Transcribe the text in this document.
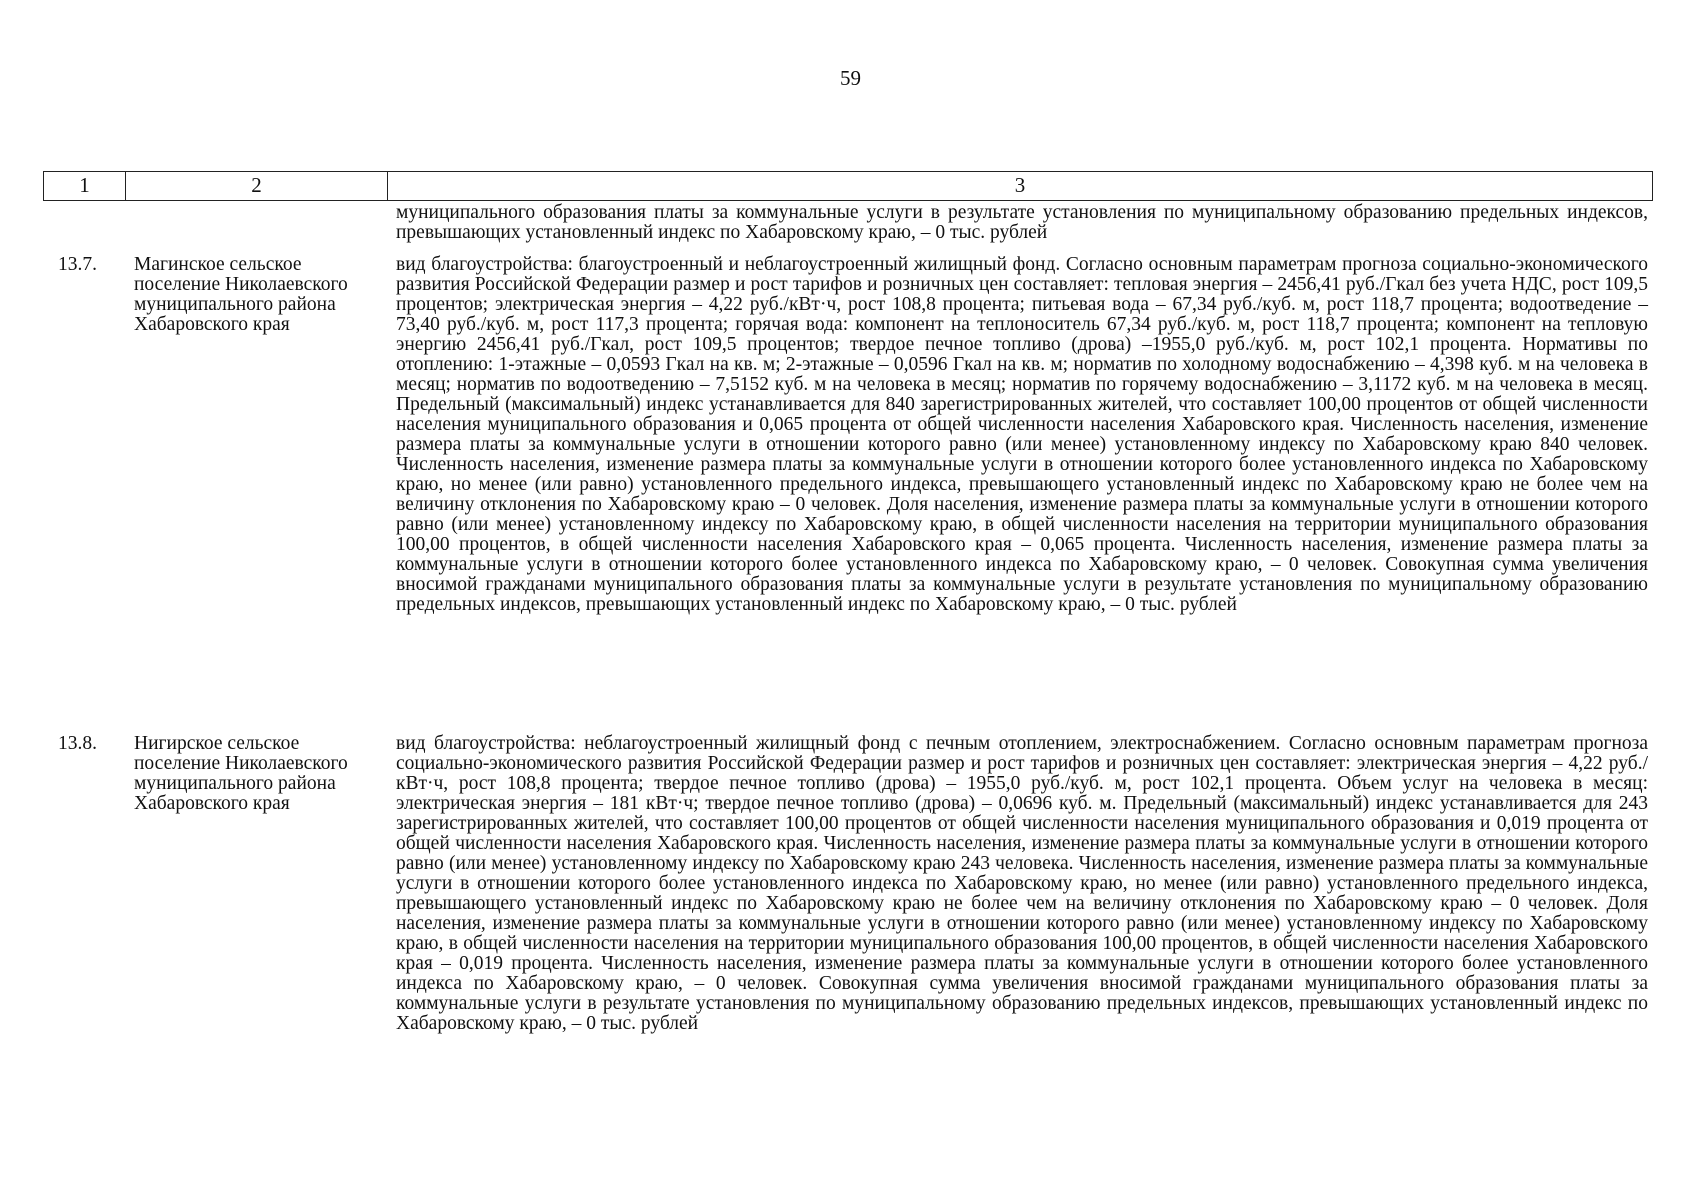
59
1	2	3

муниципального образования платы за коммунальные услуги в результате установления по муниципальному образованию предельных индексов, превышающих установленный индекс по Хабаровскому краю, – 0 тыс. рублей

13.7. Магинское сельское поселение Николаевского муниципального района Хабаровского края

вид благоустройства: благоустроенный и неблагоустроенный жилищный фонд. Согласно основным параметрам прогноза социально-экономического развития Российской Федерации размер и рост тарифов и розничных цен составляет: тепловая энергия – 2456,41 руб./Гкал без учета НДС, рост 109,5 процентов; электрическая энергия – 4,22 руб./кВт·ч, рост 108,8 процента; питьевая вода – 67,34 руб./куб. м, рост 118,7 процента; водоотведение – 73,40 руб./куб. м, рост 117,3 процента; горячая вода: компонент на теплоноситель 67,34 руб./куб. м, рост 118,7 процента; компонент на тепловую энергию 2456,41 руб./Гкал, рост 109,5 процентов; твердое печное топливо (дрова) –1955,0 руб./куб. м, рост 102,1 процента. Нормативы по отоплению: 1-этажные – 0,0593 Гкал на кв. м; 2-этажные – 0,0596 Гкал на кв. м; норматив по холодному водоснабжению – 4,398 куб. м на человека в месяц; норматив по водоотведению – 7,5152 куб. м на человека в месяц; норматив по горячему водоснабжению – 3,1172 куб. м на человека в месяц. Предельный (максимальный) индекс устанавливается для 840 зарегистрированных жителей, что составляет 100,00 процентов от общей численности населения муниципального образования и 0,065 процента от общей численности населения Хабаровского края. Численность населения, изменение размера платы за коммунальные услуги в отношении которого равно (или менее) установленному индексу по Хабаровскому краю 840 человек. Численность населения, изменение размера платы за коммунальные услуги в отношении которого более установленного индекса по Хабаровскому краю, но менее (или равно) установленного предельного индекса, превышающего установленный индекс по Хабаровскому краю не более чем на величину отклонения по Хабаровскому краю – 0 человек. Доля населения, изменение размера платы за коммунальные услуги в отношении которого равно (или менее) установленному индексу по Хабаровскому краю, в общей численности населения на территории муниципального образования 100,00 процентов, в общей численности населения Хабаровского края – 0,065 процента. Численность населения, изменение размера платы за коммунальные услуги в отношении которого более установленного индекса по Хабаровскому краю, – 0 человек. Совокупная сумма увеличения вносимой гражданами муниципального образования платы за коммунальные услуги в результате установления по муниципальному образованию предельных индексов, превышающих установленный индекс по Хабаровскому краю, – 0 тыс. рублей

13.8. Нигирское сельское поселение Николаевского муниципального района Хабаровского края

вид благоустройства: неблагоустроенный жилищный фонд с печным отоплением, электроснабжением. Согласно основным параметрам прогноза социально-экономического развития Российской Федерации размер и рост тарифов и розничных цен составляет: электрическая энергия – 4,22 руб./кВт·ч, рост 108,8 процента; твердое печное топливо (дрова) – 1955,0 руб./куб. м, рост 102,1 процента. Объем услуг на человека в месяц: электрическая энергия – 181 кВт·ч; твердое печное топливо (дрова) – 0,0696 куб. м. Предельный (максимальный) индекс устанавливается для 243 зарегистрированных жителей, что составляет 100,00 процентов от общей численности населения муниципального образования и 0,019 процента от общей численности населения Хабаровского края. Численность населения, изменение размера платы за коммунальные услуги в отношении которого равно (или менее) установленному индексу по Хабаровскому краю 243 человека. Численность населения, изменение размера платы за коммунальные услуги в отношении которого более установленного индекса по Хабаровскому краю, но менее (или равно) установленного предельного индекса, превышающего установленный индекс по Хабаровскому краю не более чем на величину отклонения по Хабаровскому краю – 0 человек. Доля населения, изменение размера платы за коммунальные услуги в отношении которого равно (или менее) установленному индексу по Хабаровскому краю, в общей численности населения на территории муниципального образования 100,00 процентов, в общей численности населения Хабаровского края – 0,019 процента. Численность населения, изменение размера платы за коммунальные услуги в отношении которого более установленного индекса по Хабаровскому краю, – 0 человек. Совокупная сумма увеличения вносимой гражданами муниципального образования платы за коммунальные услуги в результате установления по муниципальному образованию предельных индексов, превышающих установленный индекс по Хабаровскому краю, – 0 тыс. рублей
